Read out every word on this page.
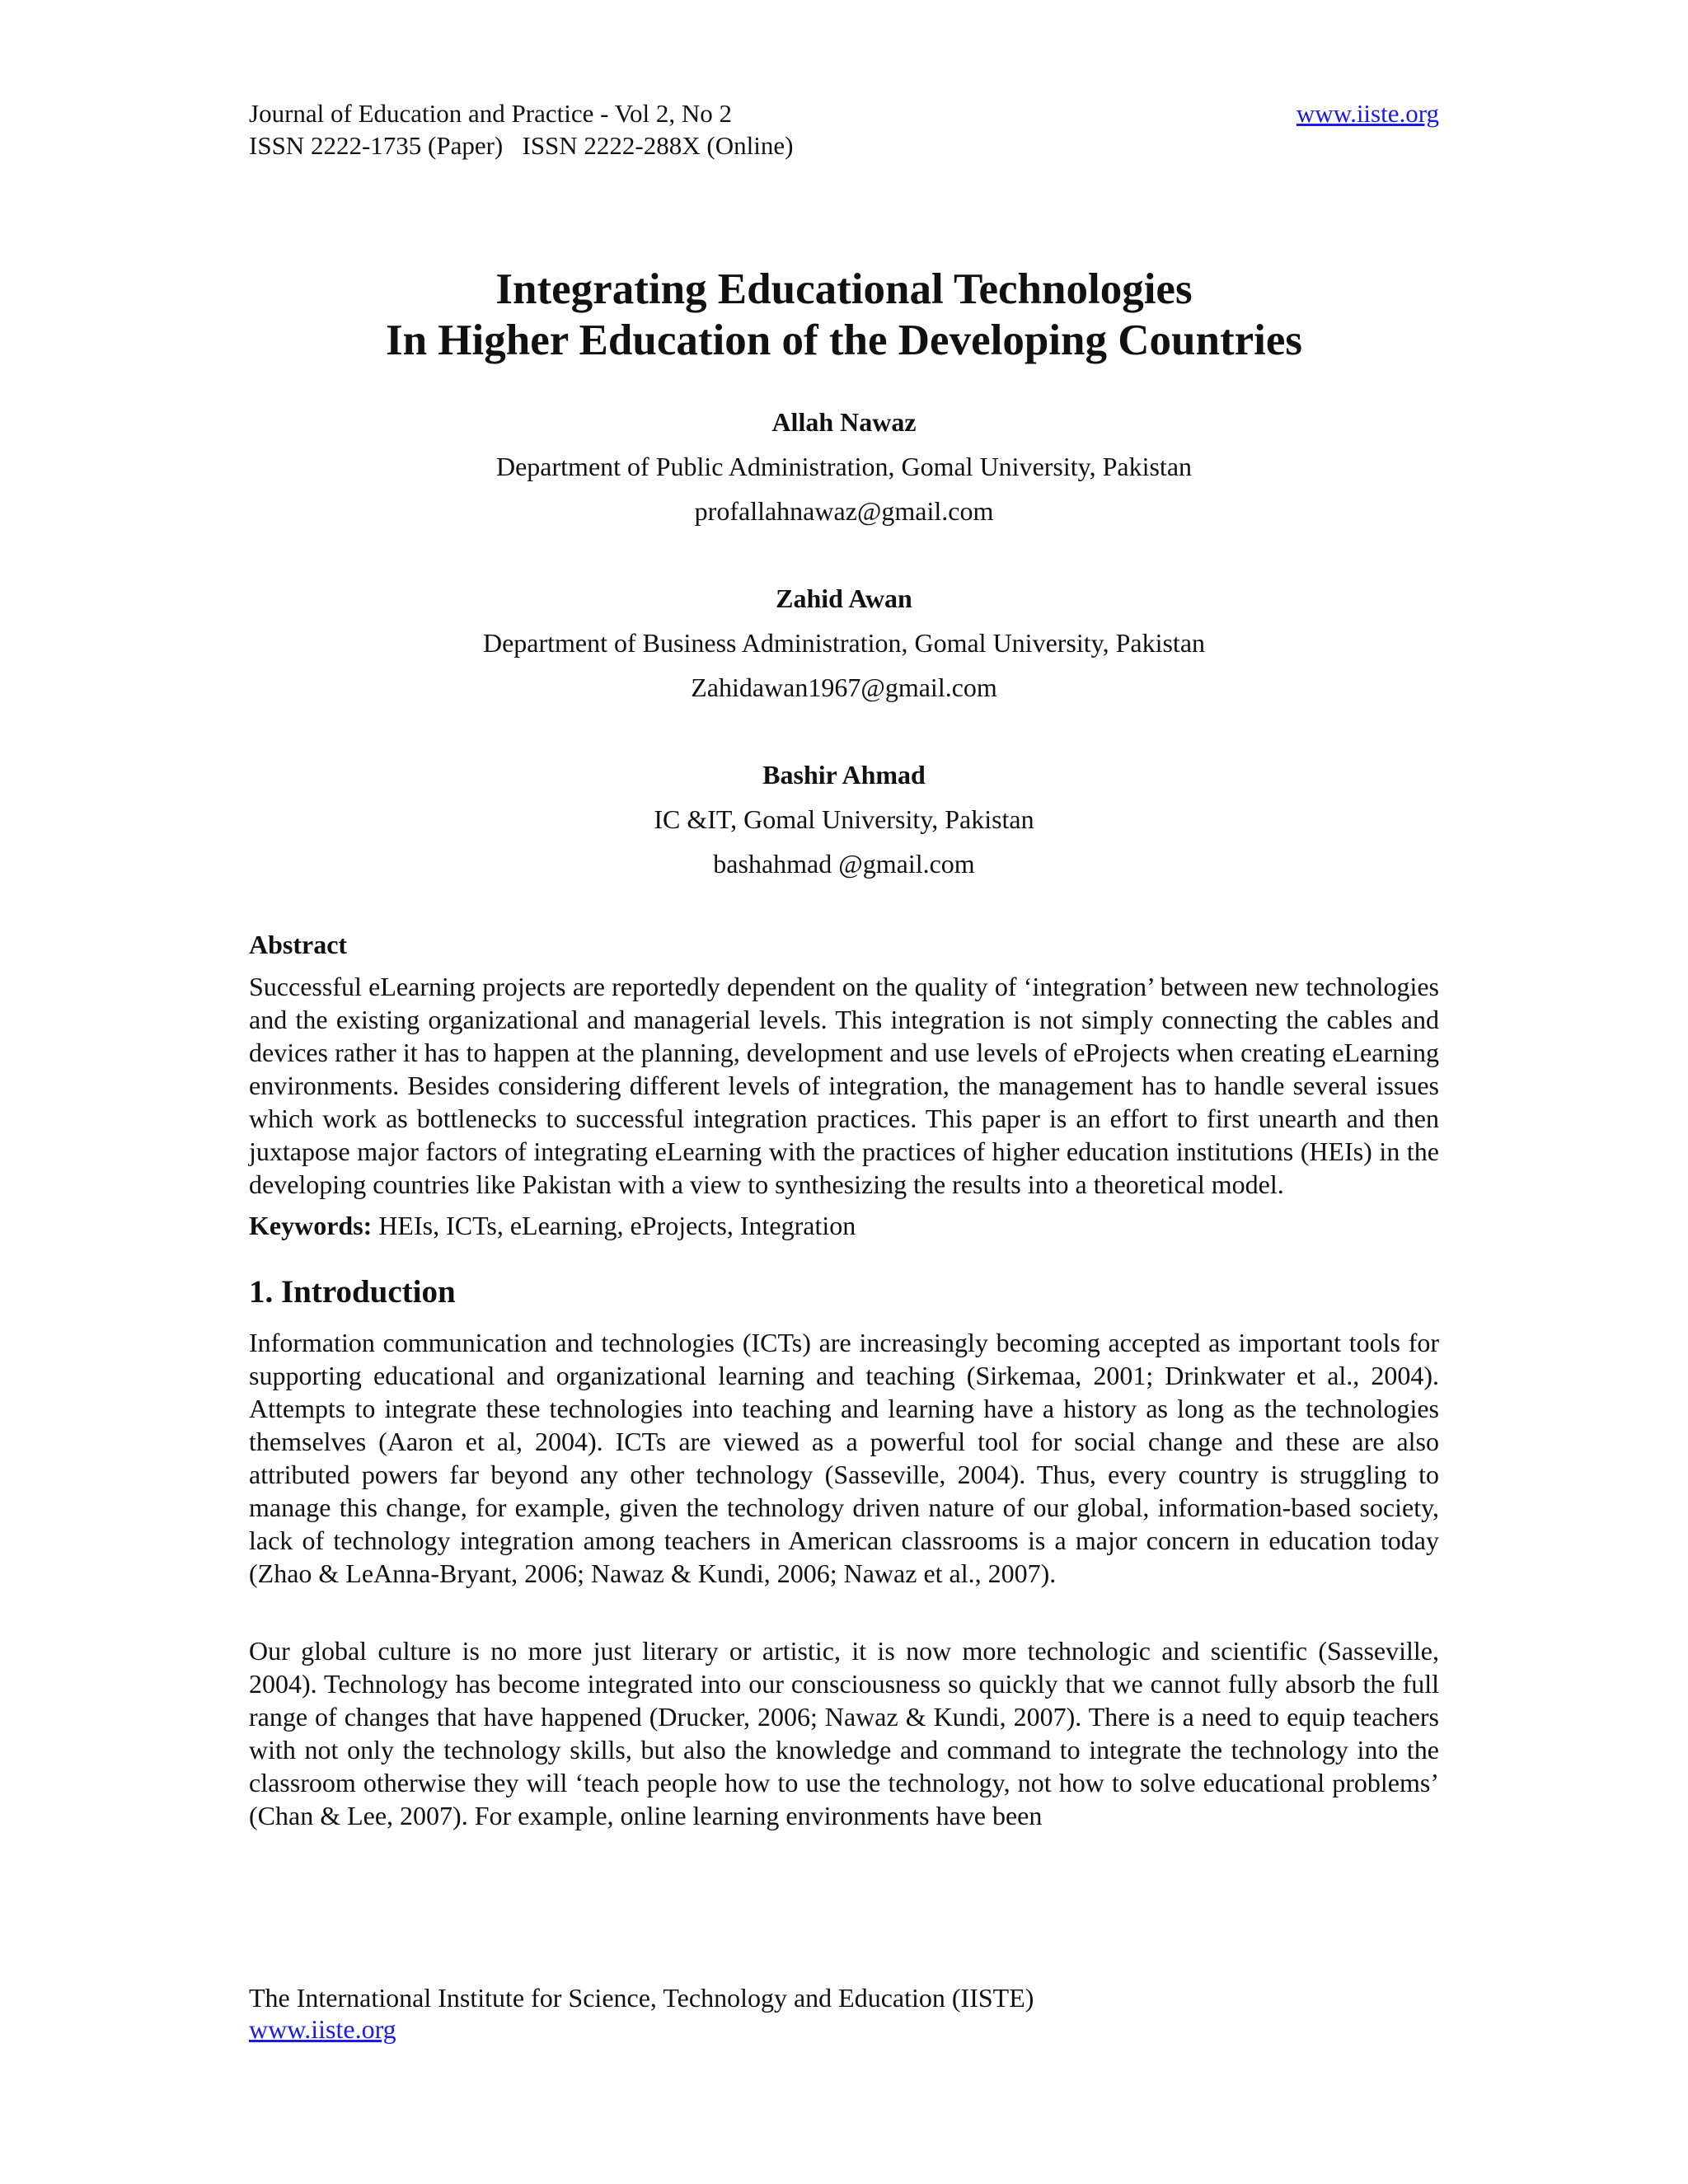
Journal of Education and Practice - Vol 2, No 2	www.iiste.org
ISSN 2222-1735 (Paper)   ISSN 2222-288X (Online)
Integrating Educational Technologies
In Higher Education of the Developing Countries
Allah Nawaz
Department of Public Administration, Gomal University, Pakistan
profallahnawaz@gmail.com
Zahid Awan
Department of Business Administration, Gomal University, Pakistan
Zahidawan1967@gmail.com
Bashir Ahmad
IC &IT, Gomal University, Pakistan
bashahmad @gmail.com
Abstract
Successful eLearning projects are reportedly dependent on the quality of ‘integration’ between new technologies and the existing organizational and managerial levels. This integration is not simply connecting the cables and devices rather it has to happen at the planning, development and use levels of eProjects when creating eLearning environments. Besides considering different levels of integration, the management has to handle several issues which work as bottlenecks to successful integration practices. This paper is an effort to first unearth and then juxtapose major factors of integrating eLearning with the practices of higher education institutions (HEIs) in the developing countries like Pakistan with a view to synthesizing the results into a theoretical model.
Keywords: HEIs, ICTs, eLearning, eProjects, Integration
1. Introduction
Information communication and technologies (ICTs) are increasingly becoming accepted as important tools for supporting educational and organizational learning and teaching (Sirkemaa, 2001; Drinkwater et al., 2004). Attempts to integrate these technologies into teaching and learning have a history as long as the technologies themselves (Aaron et al, 2004). ICTs are viewed as a powerful tool for social change and these are also attributed powers far beyond any other technology (Sasseville, 2004). Thus, every country is struggling to manage this change, for example, given the technology driven nature of our global, information-based society, lack of technology integration among teachers in American classrooms is a major concern in education today (Zhao & LeAnna-Bryant, 2006; Nawaz & Kundi, 2006; Nawaz et al., 2007).
Our global culture is no more just literary or artistic, it is now more technologic and scientific (Sasseville, 2004). Technology has become integrated into our consciousness so quickly that we cannot fully absorb the full range of changes that have happened (Drucker, 2006; Nawaz & Kundi, 2007). There is a need to equip teachers with not only the technology skills, but also the knowledge and command to integrate the technology into the classroom otherwise they will ‘teach people how to use the technology, not how to solve educational problems’ (Chan & Lee, 2007). For example, online learning environments have been
The International Institute for Science, Technology and Education (IISTE)
www.iiste.org
